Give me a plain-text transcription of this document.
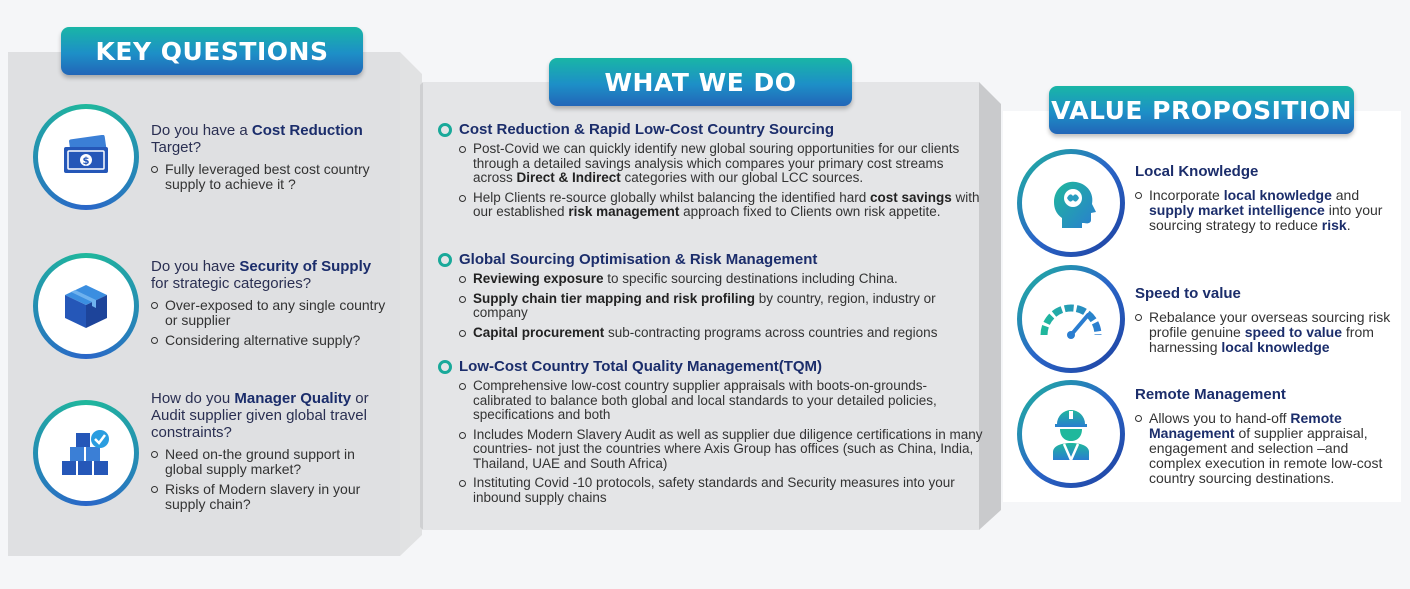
KEY QUESTIONS
$
Do you have a Cost Reduction Target?
Fully leveraged best cost country supply to achieve it ?
Do you have Security of Supply for strategic categories?
Over-exposed to any single country or supplier
Considering alternative supply?
How do you Manager Quality or Audit supplier given global travel constraints?
Need on-the ground support in global supply market?
Risks of Modern slavery in your supply chain?
WHAT WE DO
Cost Reduction & Rapid Low-Cost Country Sourcing
Post-Covid we can quickly identify new global souring opportunities for our clients through a detailed savings analysis which compares your primary cost streams across Direct & Indirect categories with our global LCC sources.
Help Clients re-source globally whilst balancing the identified hard cost savings with our established risk management approach fixed to Clients own risk appetite.
Global Sourcing Optimisation & Risk Management
Reviewing exposure to specific sourcing destinations including China.
Supply chain tier mapping and risk profiling by country, region, industry or company
Capital procurement sub-contracting programs across countries and regions
Low-Cost Country Total Quality Management(TQM)
Comprehensive low-cost country supplier appraisals with boots-on-grounds-calibrated to balance both global and local standards to your detailed policies, specifications and both
Includes Modern Slavery Audit as well as supplier due diligence certifications in many countries- not just the countries where Axis Group has offices (such as China, India, Thailand, UAE and South Africa)
Instituting Covid -10 protocols, safety standards and Security measures into your inbound supply chains
VALUE PROPOSITION
Local Knowledge
Incorporate local knowledge and supply market intelligence into your sourcing strategy to reduce risk.
Speed to value
Rebalance your overseas sourcing risk profile genuine speed to value from harnessing local knowledge
Remote Management
Allows you to hand-off Remote Management of supplier appraisal, engagement and selection –and complex execution in remote low-cost country sourcing destinations.
